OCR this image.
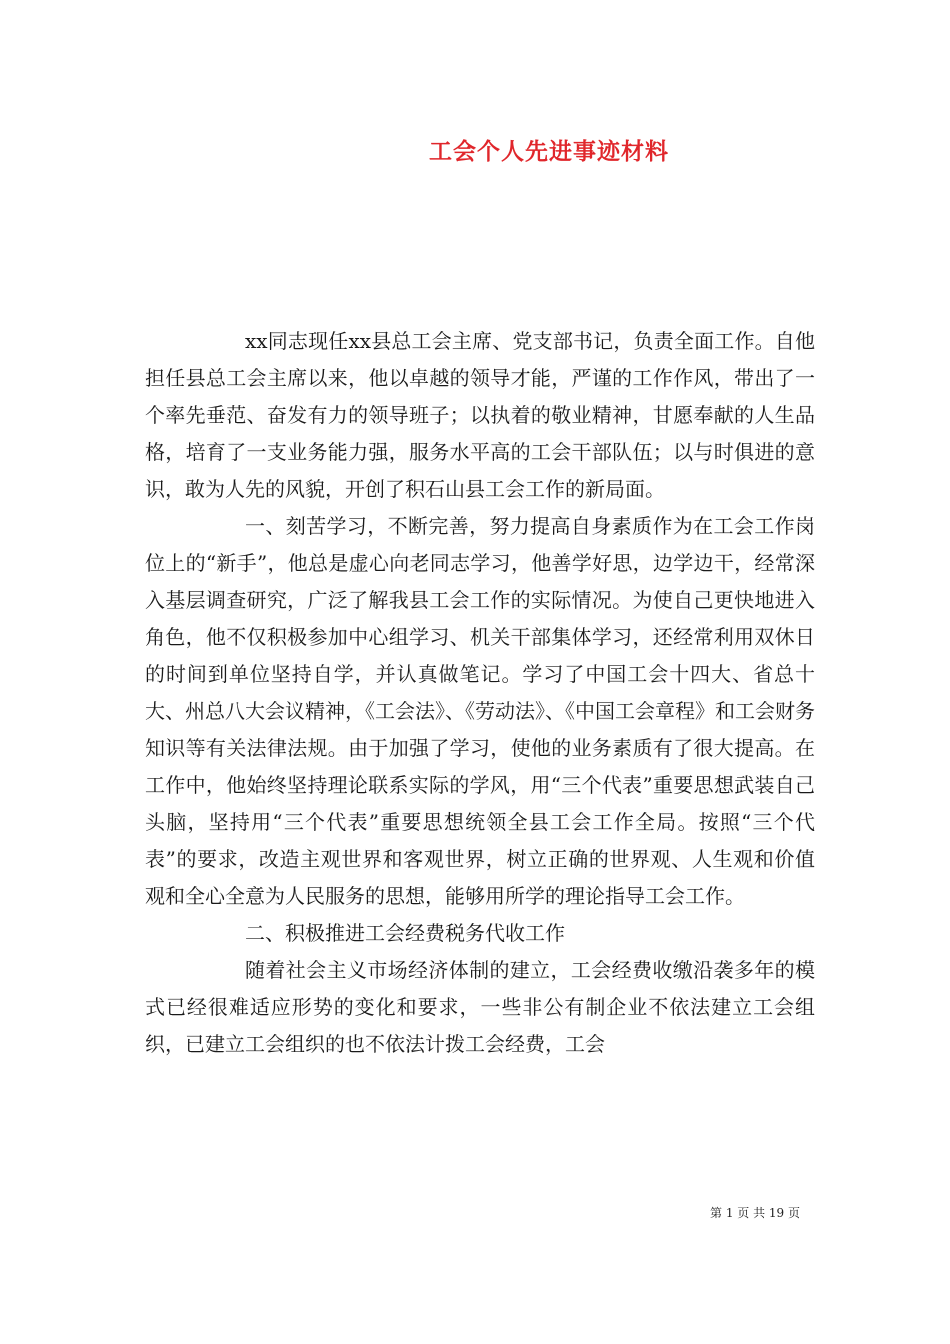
工会个人先进事迹材料

xx同志现任xx县总工会主席、党支部书记，负责全面工作。自他担任县总工会主席以来，他以卓越的领导才能，严谨的工作作风，带出了一个率先垂范、奋发有力的领导班子；以执着的敬业精神，甘愿奉献的人生品格，培育了一支业务能力强，服务水平高的工会干部队伍；以与时俱进的意识，敢为人先的风貌，开创了积石山县工会工作的新局面。

一、刻苦学习，不断完善，努力提高自身素质作为在工会工作岗位上的“新手”，他总是虚心向老同志学习，他善学好思，边学边干，经常深入基层调查研究，广泛了解我县工会工作的实际情况。为使自己更快地进入角色，他不仅积极参加中心组学习、机关干部集体学习，还经常利用双休日的时间到单位坚持自学，并认真做笔记。学习了中国工会十四大、省总十大、州总八大会议精神，《工会法》、《劳动法》、《中国工会章程》和工会财务知识等有关法律法规。由于加强了学习，使他的业务素质有了很大提高。在工作中，他始终坚持理论联系实际的学风，用“三个代表”重要思想武装自己头脑，坚持用“三个代表”重要思想统领全县工会工作全局。按照“三个代表”的要求，改造主观世界和客观世界，树立正确的世界观、人生观和价值观和全心全意为人民服务的思想，能够用所学的理论指导工会工作。

二、积极推进工会经费税务代收工作

随着社会主义市场经济体制的建立，工会经费收缴沿袭多年的模式已经很难适应形势的变化和要求，一些非公有制企业不依法建立工会组织，已建立工会组织的也不依法计拨工会经费，工会

第 1 页 共 19 页
